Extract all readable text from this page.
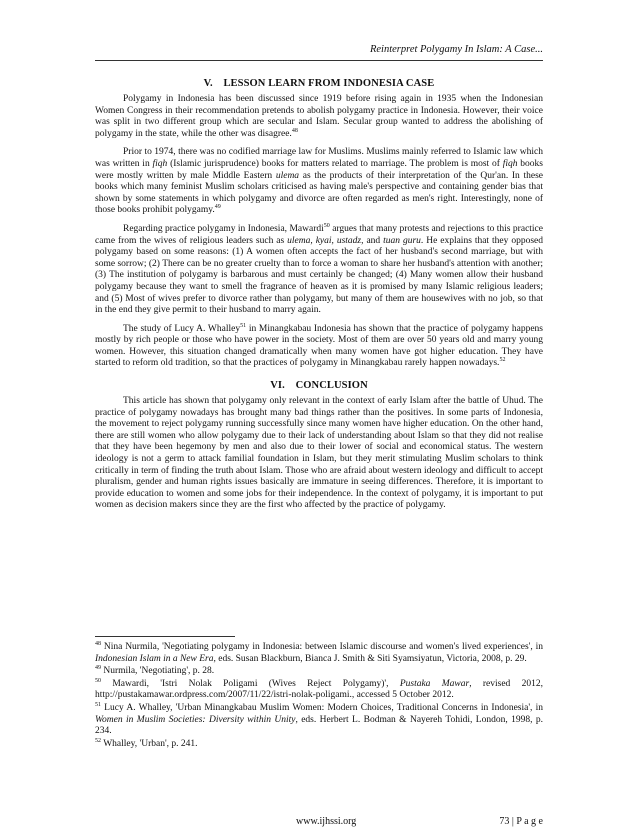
Reinterpret Polygamy In Islam: A Case...
V. LESSON LEARN FROM INDONESIA CASE

Polygamy in Indonesia has been discussed since 1919 before rising again in 1935 when the Indonesian Women Congress in their recommendation pretends to abolish polygamy practice in Indonesia. However, their voice was split in two different group which are secular and Islam. Secular group wanted to address the abolishing of polygamy in the state, while the other was disagree.$^{48}$

Prior to 1974, there was no codified marriage law for Muslims. Muslims mainly referred to Islamic law which was written in fiqh (Islamic jurisprudence) books for matters related to marriage. The problem is most of fiqh books were mostly written by male Middle Eastern ulema as the products of their interpretation of the Qur'an. In these books which many feminist Muslim scholars criticised as having male's perspective and containing gender bias that shown by some statements in which polygamy and divorce are often regarded as men's right. Interestingly, none of those books prohibit polygamy.$^{49}$

Regarding practice polygamy in Indonesia, Mawardi$^{50}$ argues that many protests and rejections to this practice came from the wives of religious leaders such as ulema, kyai, ustadz, and tuan guru. He explains that they opposed polygamy based on some reasons: (1) A women often accepts the fact of her husband's second marriage, but with some sorrow; (2) There can be no greater cruelty than to force a woman to share her husband's attention with another; (3) The institution of polygamy is barbarous and must certainly be changed; (4) Many women allow their husband polygamy because they want to smell the fragrance of heaven as it is promised by many Islamic religious leaders; and (5) Most of wives prefer to divorce rather than polygamy, but many of them are housewives with no job, so that in the end they give permit to their husband to marry again.

The study of Lucy A. Whalley$^{51}$ in Minangkabau Indonesia has shown that the practice of polygamy happens mostly by rich people or those who have power in the society. Most of them are over 50 years old and marry young women. However, this situation changed dramatically when many women have got higher education. They have started to reform old tradition, so that the practices of polygamy in Minangkabau rarely happen nowadays.$^{52}$

VI. CONCLUSION

This article has shown that polygamy only relevant in the context of early Islam after the battle of Uhud. The practice of polygamy nowadays has brought many bad things rather than the positives. In some parts of Indonesia, the movement to reject polygamy running successfully since many women have higher education. On the other hand, there are still women who allow polygamy due to their lack of understanding about Islam so that they did not realise that they have been hegemony by men and also due to their lower of social and economical status. The western ideology is not a germ to attack familial foundation in Islam, but they merit stimulating Muslim scholars to think critically in term of finding the truth about Islam. Those who are afraid about western ideology and difficult to accept pluralism, gender and human rights issues basically are immature in seeing differences. Therefore, it is important to provide education to women and some jobs for their independence. In the context of polygamy, it is important to put women as decision makers since they are the first who affected by the practice of polygamy.

$^{48}$ Nina Nurmila, 'Negotiating polygamy in Indonesia: between Islamic discourse and women's lived experiences', in Indonesian Islam in a New Era, eds. Susan Blackburn, Bianca J. Smith & Siti Syamsiyatun, Victoria, 2008, p. 29.

$^{49}$ Nurmila, 'Negotiating', p. 28.

$^{50}$ Mawardi, 'Istri Nolak Poligami (Wives Reject Polygamy)', Pustaka Mawar, revised 2012, http://pustakamawar.ordpress.com/2007/11/22/istri-nolak-poligami., accessed 5 October 2012.

$^{51}$ Lucy A. Whalley, 'Urban Minangkabau Muslim Women: Modern Choices, Traditional Concerns in Indonesia', in Women in Muslim Societies: Diversity within Unity, eds. Herbert L. Bodman & Nayereh Tohidi, London, 1998, p. 234.

$^{52}$ Whalley, 'Urban', p. 241.

www.ijhssi.org	73 | P a g e
